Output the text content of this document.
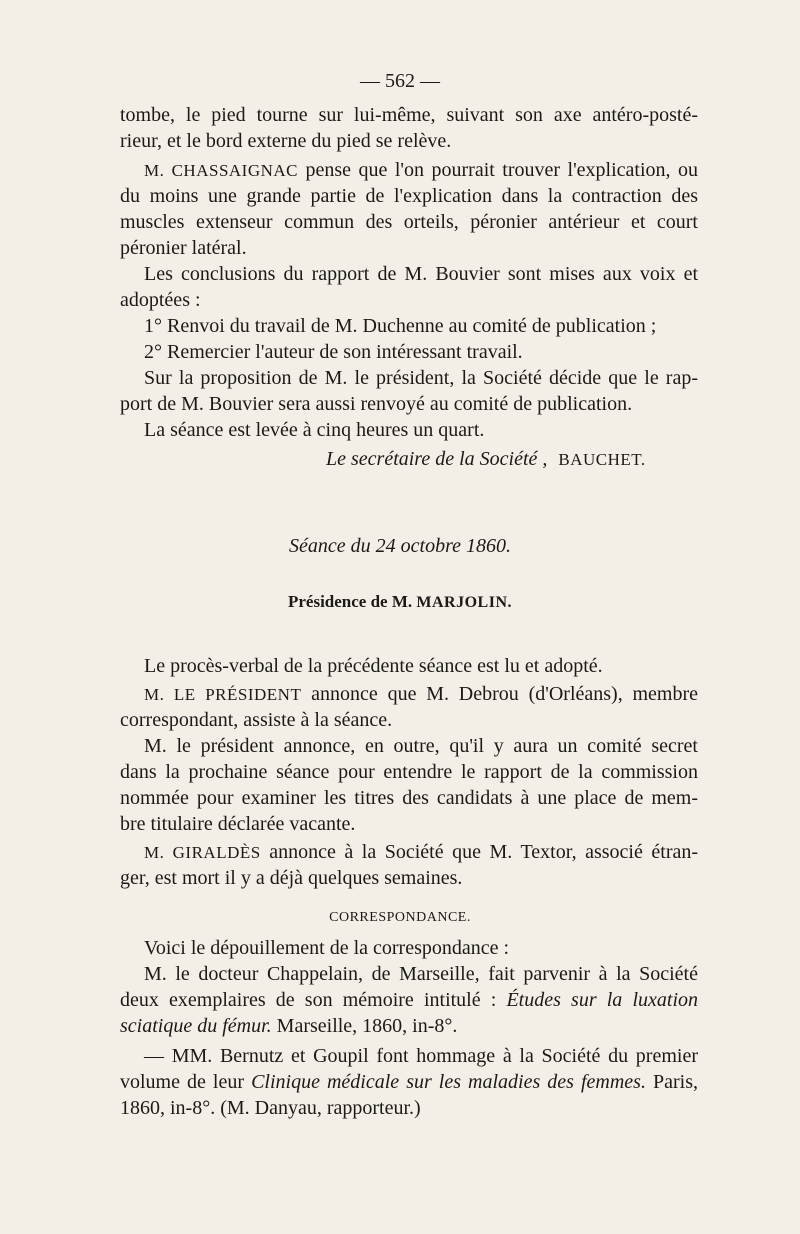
— 562 —
tombe, le pied tourne sur lui-même, suivant son axe antéro-posté-
rieur, et le bord externe du pied se relève.
M. CHASSAIGNAC pense que l'on pourrait trouver l'explication, ou
du moins une grande partie de l'explication dans la contraction des
muscles extenseur commun des orteils, péronier antérieur et court
péronier latéral.
Les conclusions du rapport de M. Bouvier sont mises aux voix et
adoptées :
1° Renvoi du travail de M. Duchenne au comité de publication ;
2° Remercier l'auteur de son intéressant travail.
Sur la proposition de M. le président, la Société décide que le rap-
port de M. Bouvier sera aussi renvoyé au comité de publication.
La séance est levée à cinq heures un quart.
Le secrétaire de la Société , BAUCHET.
Séance du 24 octobre 1860.
Présidence de M. MARJOLIN.
Le procès-verbal de la précédente séance est lu et adopté.
M. LE PRÉSIDENT annonce que M. Debrou (d'Orléans), membre
correspondant, assiste à la séance.
M. le président annonce, en outre, qu'il y aura un comité secret
dans la prochaine séance pour entendre le rapport de la commission
nommée pour examiner les titres des candidats à une place de mem-
bre titulaire déclarée vacante.
M. GIRALDÈS annonce à la Société que M. Textor, associé étran-
ger, est mort il y a déjà quelques semaines.
CORRESPONDANCE.
Voici le dépouillement de la correspondance :
M. le docteur Chappelain, de Marseille, fait parvenir à la Société
deux exemplaires de son mémoire intitulé : Études sur la luxation
sciatique du fémur. Marseille, 1860, in-8°.
— MM. Bernutz et Goupil font hommage à la Société du premier
volume de leur Clinique médicale sur les maladies des femmes. Paris,
1860, in-8°. (M. Danyau, rapporteur.)
